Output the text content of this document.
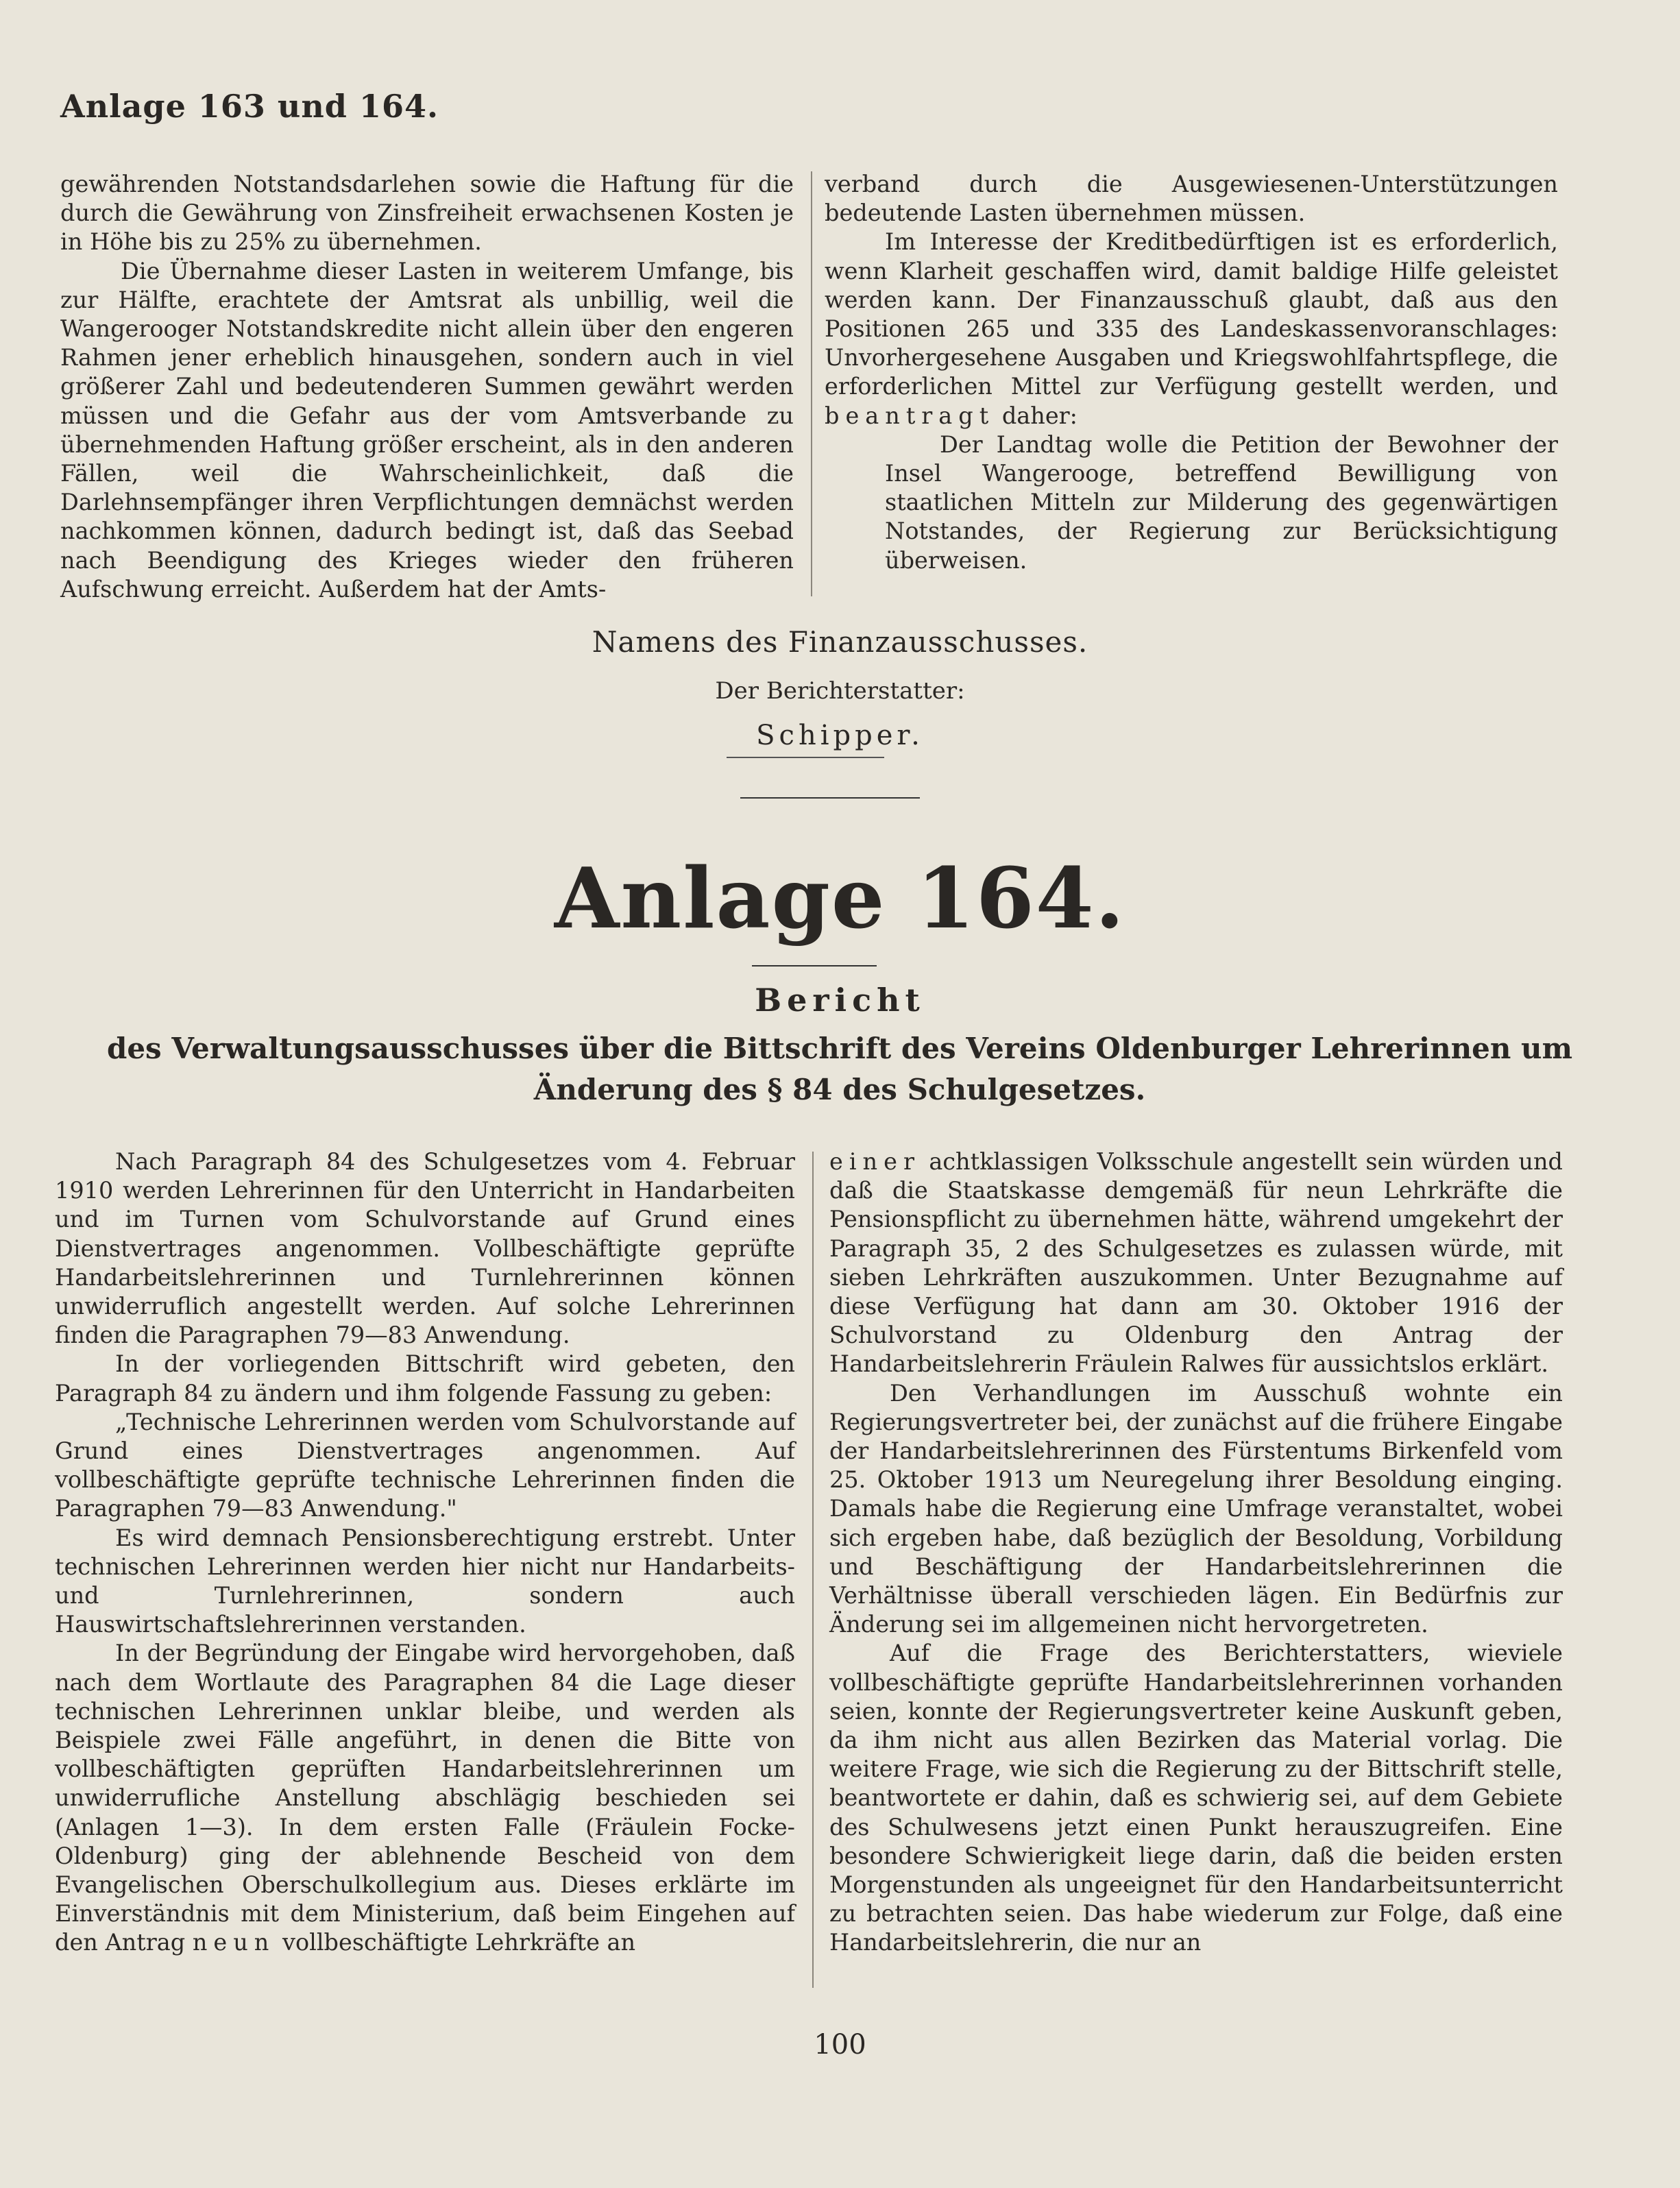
Anlage 163 und 164.

gewährenden Notstandsdarlehen sowie die Haftung für die durch die Gewährung von Zinsfreiheit erwachsenen Kosten je in Höhe bis zu 25% zu übernehmen.

Die Übernahme dieser Lasten in weiterem Umfange, bis zur Hälfte, erachtete der Amtsrat als unbillig, weil die Wangerooger Notstandskredite nicht allein über den engeren Rahmen jener erheblich hinausgehen, sondern auch in viel größerer Zahl und bedeutenderen Summen gewährt werden müssen und die Gefahr aus der vom Amtsverbande zu übernehmenden Haftung größer erscheint, als in den anderen Fällen, weil die Wahrscheinlichkeit, daß die Darlehnsempfänger ihren Verpflichtungen demnächst werden nachkommen können, dadurch bedingt ist, daß das Seebad nach Beendigung des Krieges wieder den früheren Aufschwung erreicht. Außerdem hat der Amts-

verband durch die Ausgewiesenen-Unterstützungen bedeutende Lasten übernehmen müssen.

Im Interesse der Kreditbedürftigen ist es erforderlich, wenn Klarheit geschaffen wird, damit baldige Hilfe geleistet werden kann. Der Finanzausschuß glaubt, daß aus den Positionen 265 und 335 des Landeskassenvoranschlages: Unvorhergesehene Ausgaben und Kriegswohlfahrtspflege, die erforderlichen Mittel zur Verfügung gestellt werden, und beantragt daher:

Der Landtag wolle die Petition der Bewohner der Insel Wangerooge, betreffend Bewilligung von staatlichen Mitteln zur Milderung des gegenwärtigen Notstandes, der Regierung zur Berücksichtigung überweisen.

Namens des Finanzausschusses.
Der Berichterstatter:
Schipper.
Anlage 164.
Bericht
des Verwaltungsausschusses über die Bittschrift des Vereins Oldenburger Lehrerinnen um Änderung des § 84 des Schulgesetzes.

Nach Paragraph 84 des Schulgesetzes vom 4. Februar 1910 werden Lehrerinnen für den Unterricht in Handarbeiten und im Turnen vom Schulvorstande auf Grund eines Dienstvertrages angenommen. Vollbeschäftigte geprüfte Handarbeitslehrerinnen und Turnlehrerinnen können unwiderruflich angestellt werden. Auf solche Lehrerinnen finden die Paragraphen 79—83 Anwendung.

In der vorliegenden Bittschrift wird gebeten, den Paragraph 84 zu ändern und ihm folgende Fassung zu geben:

„Technische Lehrerinnen werden vom Schulvorstande auf Grund eines Dienstvertrages angenommen. Auf vollbeschäftigte geprüfte technische Lehrerinnen finden die Paragraphen 79—83 Anwendung."

Es wird demnach Pensionsberechtigung erstrebt. Unter technischen Lehrerinnen werden hier nicht nur Handarbeits- und Turnlehrerinnen, sondern auch Hauswirtschaftslehrerinnen verstanden.

In der Begründung der Eingabe wird hervorgehoben, daß nach dem Wortlaute des Paragraphen 84 die Lage dieser technischen Lehrerinnen unklar bleibe, und werden als Beispiele zwei Fälle angeführt, in denen die Bitte von vollbeschäftigten geprüften Handarbeitslehrerinnen um unwiderrufliche Anstellung abschlägig beschieden sei (Anlagen 1—3). In dem ersten Falle (Fräulein Focke-Oldenburg) ging der ablehnende Bescheid von dem Evangelischen Oberschulkollegium aus. Dieses erklärte im Einverständnis mit dem Ministerium, daß beim Eingehen auf den Antrag neun vollbeschäftigte Lehrkräfte an

einer achtklassigen Volksschule angestellt sein würden und daß die Staatskasse demgemäß für neun Lehrkräfte die Pensionspflicht zu übernehmen hätte, während umgekehrt der Paragraph 35, 2 des Schulgesetzes es zulassen würde, mit sieben Lehrkräften auszukommen. Unter Bezugnahme auf diese Verfügung hat dann am 30. Oktober 1916 der Schulvorstand zu Oldenburg den Antrag der Handarbeitslehrerin Fräulein Ralwes für aussichtslos erklärt.

Den Verhandlungen im Ausschuß wohnte ein Regierungsvertreter bei, der zunächst auf die frühere Eingabe der Handarbeitslehrerinnen des Fürstentums Birkenfeld vom 25. Oktober 1913 um Neuregelung ihrer Besoldung einging. Damals habe die Regierung eine Umfrage veranstaltet, wobei sich ergeben habe, daß bezüglich der Besoldung, Vorbildung und Beschäftigung der Handarbeitslehrerinnen die Verhältnisse überall verschieden lägen. Ein Bedürfnis zur Änderung sei im allgemeinen nicht hervorgetreten.

Auf die Frage des Berichterstatters, wieviele vollbeschäftigte geprüfte Handarbeitslehrerinnen vorhanden seien, konnte der Regierungsvertreter keine Auskunft geben, da ihm nicht aus allen Bezirken das Material vorlag. Die weitere Frage, wie sich die Regierung zu der Bittschrift stelle, beantwortete er dahin, daß es schwierig sei, auf dem Gebiete des Schulwesens jetzt einen Punkt herauszugreifen. Eine besondere Schwierigkeit liege darin, daß die beiden ersten Morgenstunden als ungeeignet für den Handarbeitsunterricht zu betrachten seien. Das habe wiederum zur Folge, daß eine Handarbeitslehrerin, die nur an

100
